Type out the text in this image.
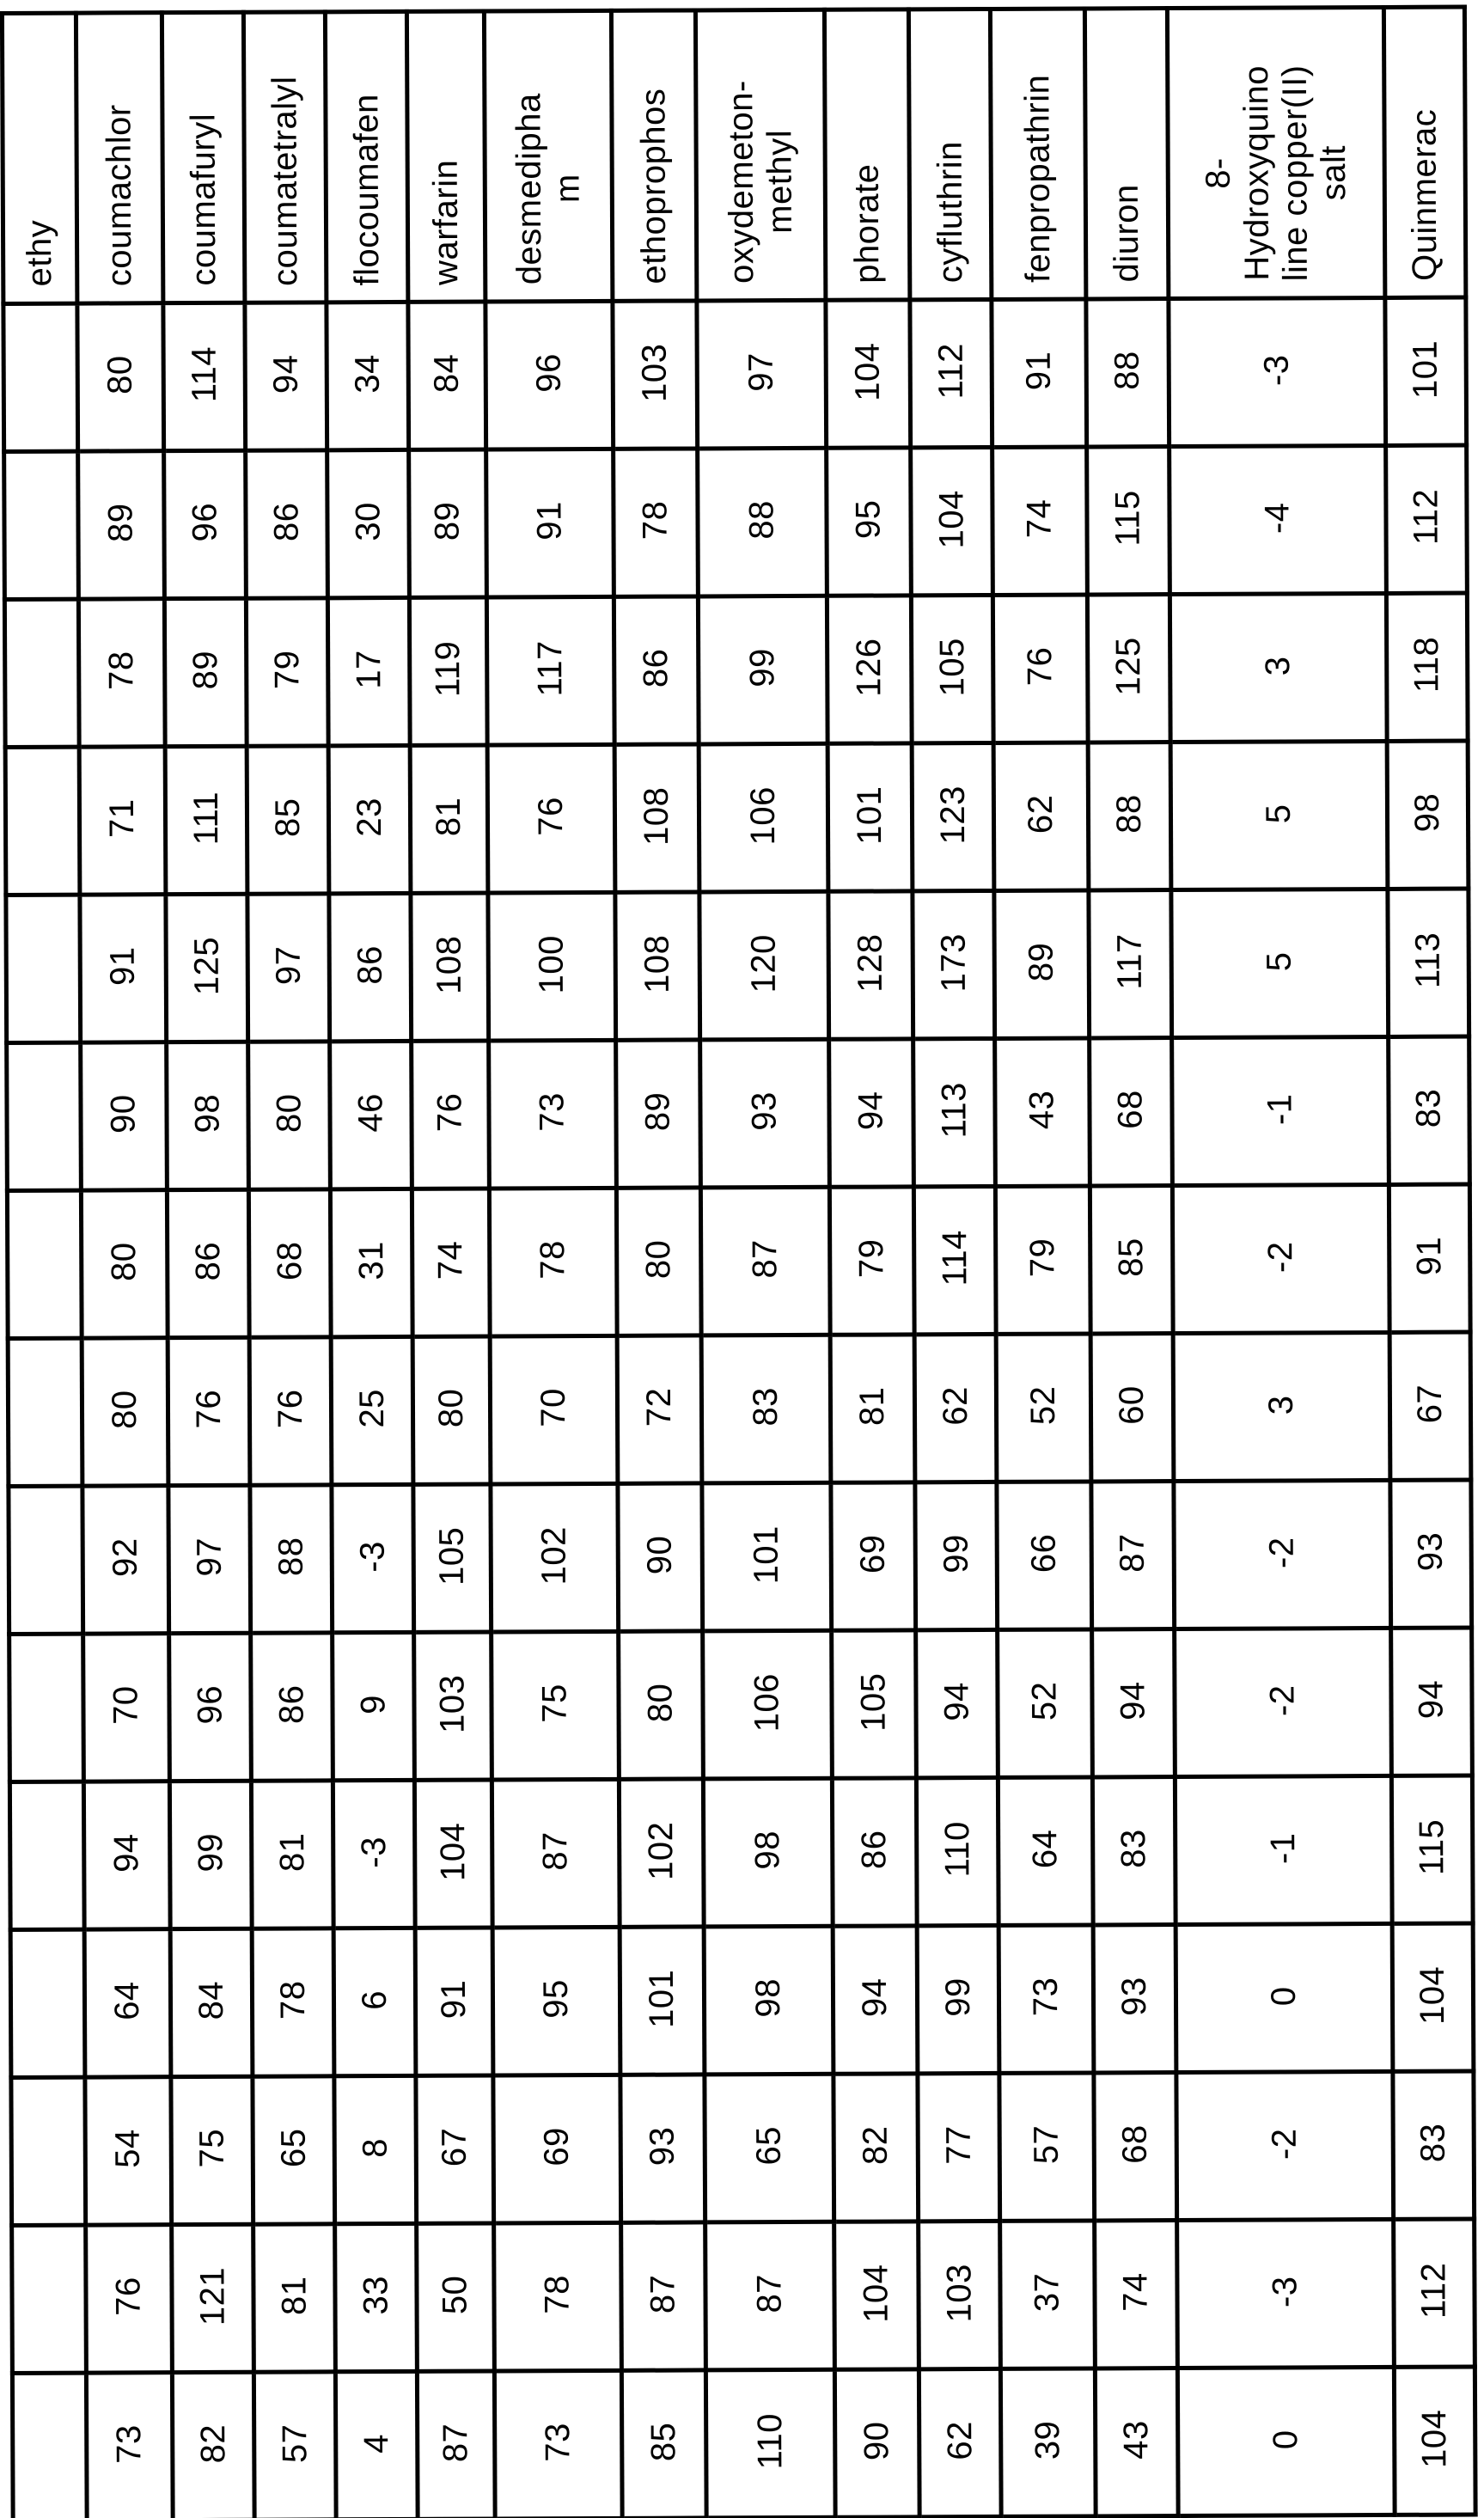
ethy	coumachlor	coumafuryl	coumatetralyl	flocoumafen	warfarin	desmedipha
m	ethoprophos	oxydemeton-
methyl	phorate	cyfluthrin	fenpropathrin	diuron	8-
Hydroxyquino
line copper(II)
salt	Quinmerac
	80	114	94	34	84	96	103	97	104	112	91	88	-3	101
	89	96	86	30	89	91	78	88	95	104	74	115	-4	112
	78	89	79	17	119	117	86	99	126	105	76	125	3	118
	71	111	85	23	81	76	108	106	101	123	62	88	5	98
	91	125	97	86	108	100	108	120	128	173	89	117	5	113
	90	98	80	46	76	73	89	93	94	113	43	68	-1	83
	80	86	68	31	74	78	80	87	79	114	79	85	-2	91
	80	76	76	25	80	70	72	83	81	62	52	60	3	67
	92	97	88	-3	105	102	90	101	69	99	66	87	-2	93
	70	96	86	9	103	75	80	106	105	94	52	94	-2	94
	94	99	81	-3	104	87	102	98	86	110	64	83	-1	115
	64	84	78	6	91	95	101	98	94	99	73	93	0	104
	54	75	65	8	67	69	93	65	82	77	57	68	-2	83
	76	121	81	33	50	78	87	87	104	103	37	74	-3	112
	73	82	57	4	87	73	85	110	90	62	39	43	0	104
